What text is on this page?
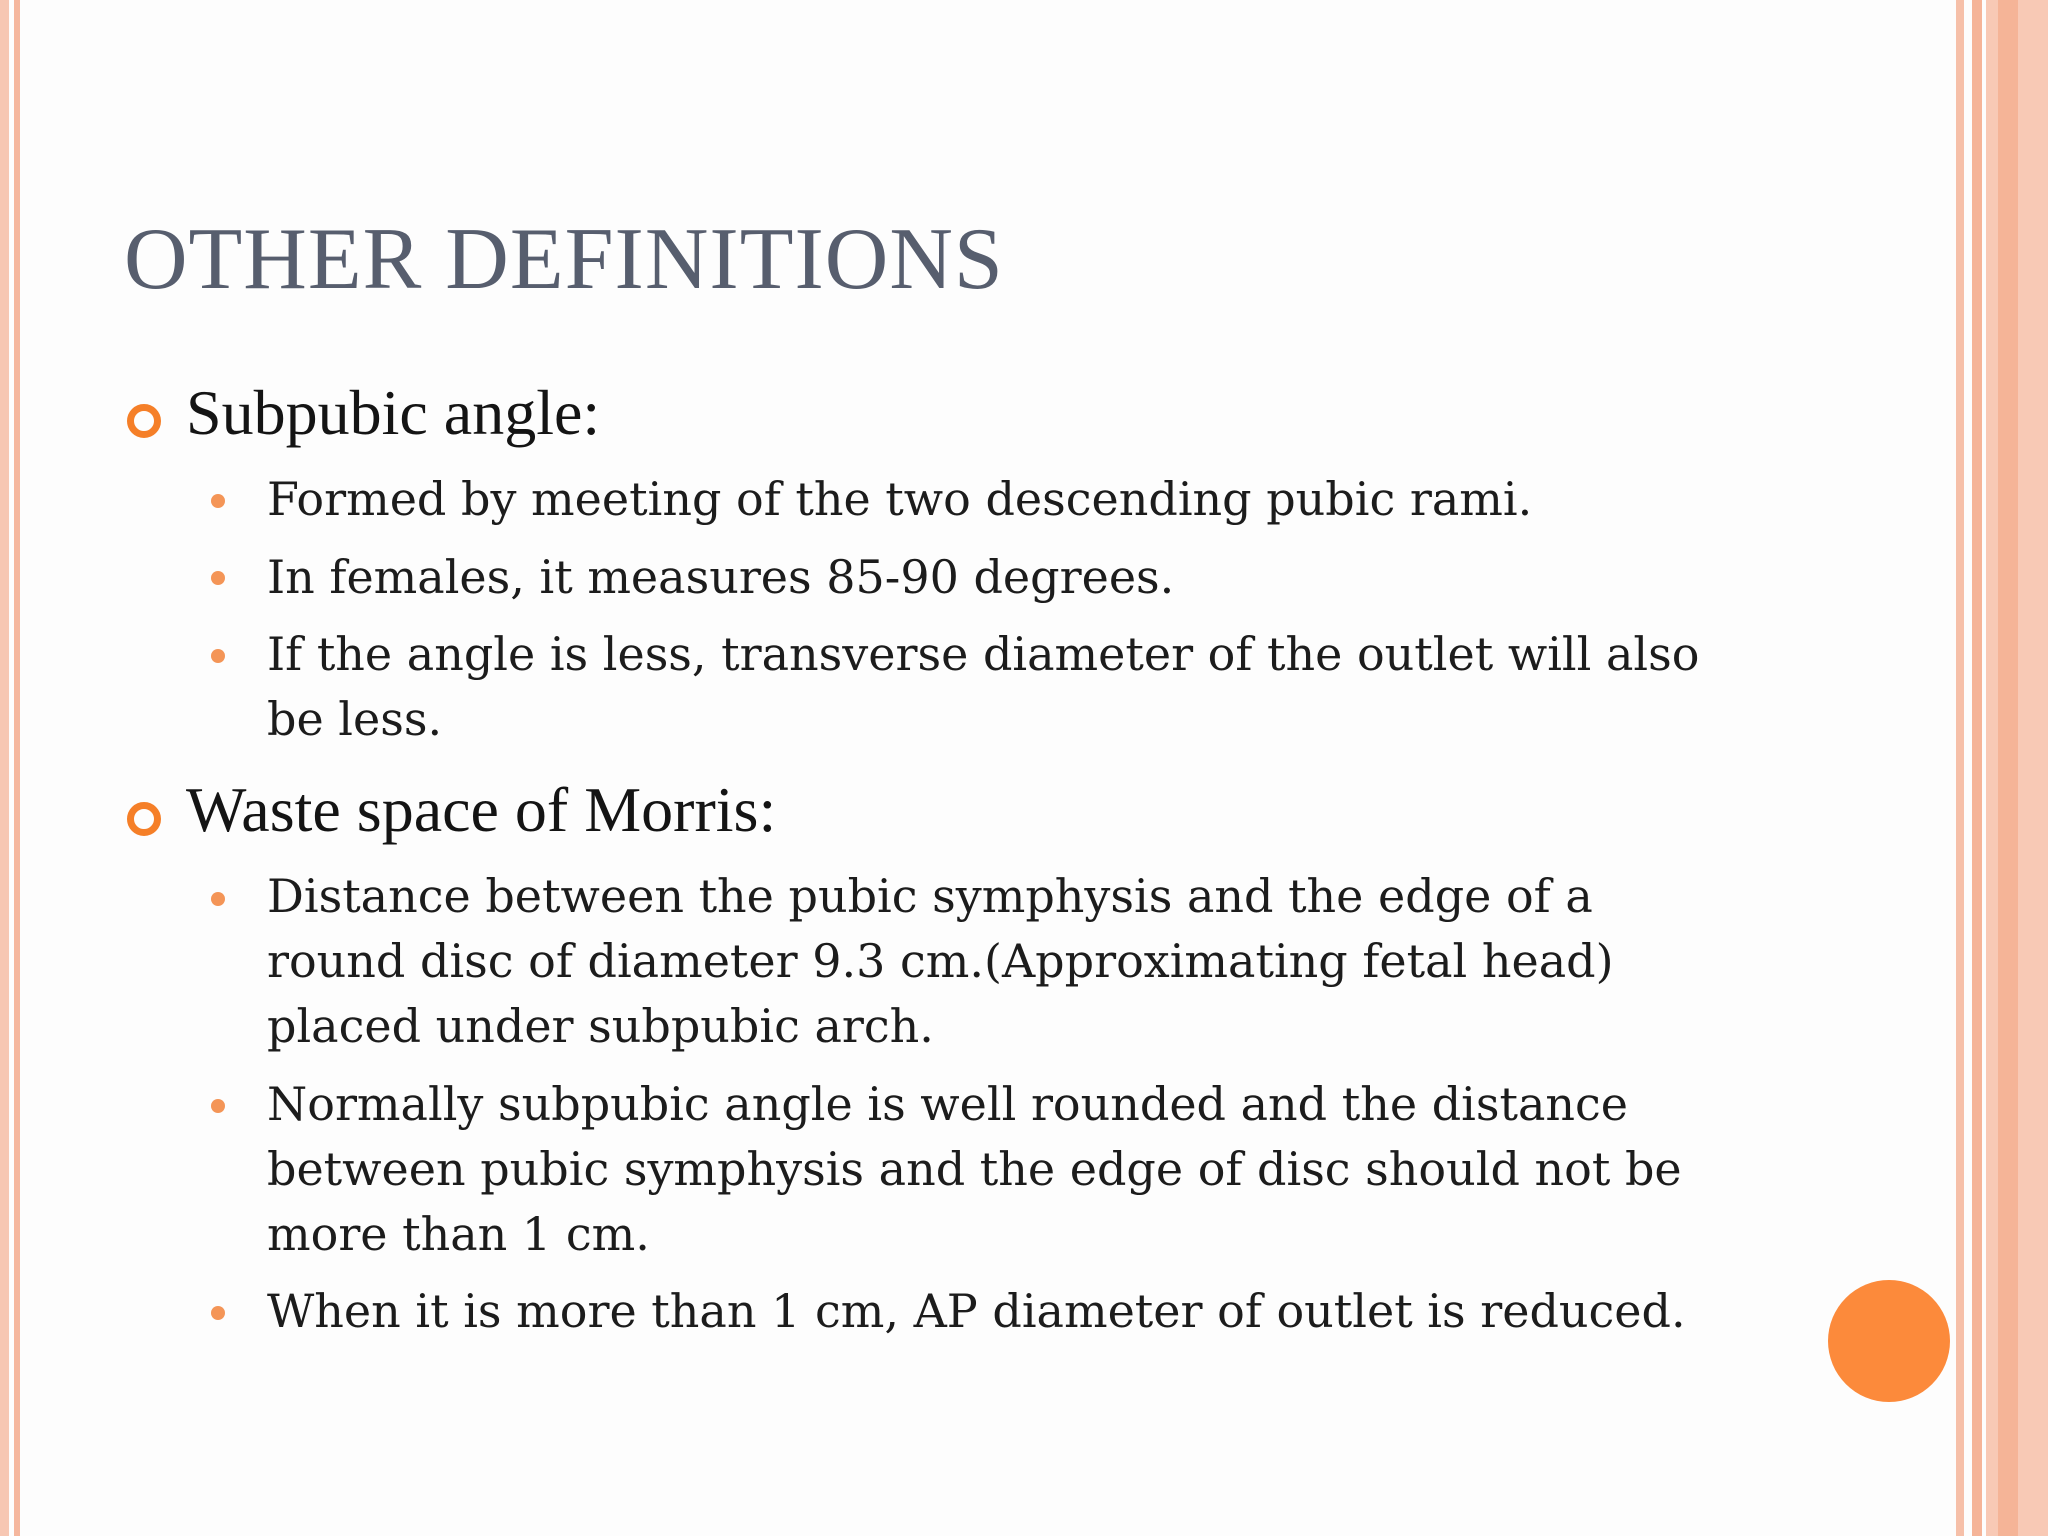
OTHER DEFINITIONS
Subpubic angle:
Formed by meeting of the two descending pubic rami.
In females, it measures 85-90 degrees.
If the angle is less, transverse diameter of the outlet will also be less.
Waste space of Morris:
Distance between the pubic symphysis and the edge of a round disc of diameter 9.3 cm.(Approximating fetal head) placed under subpubic arch.
Normally subpubic angle is well rounded and the distance between pubic symphysis and the edge of disc should not be more than 1 cm.
When it is more than 1 cm, AP diameter of outlet is reduced.
